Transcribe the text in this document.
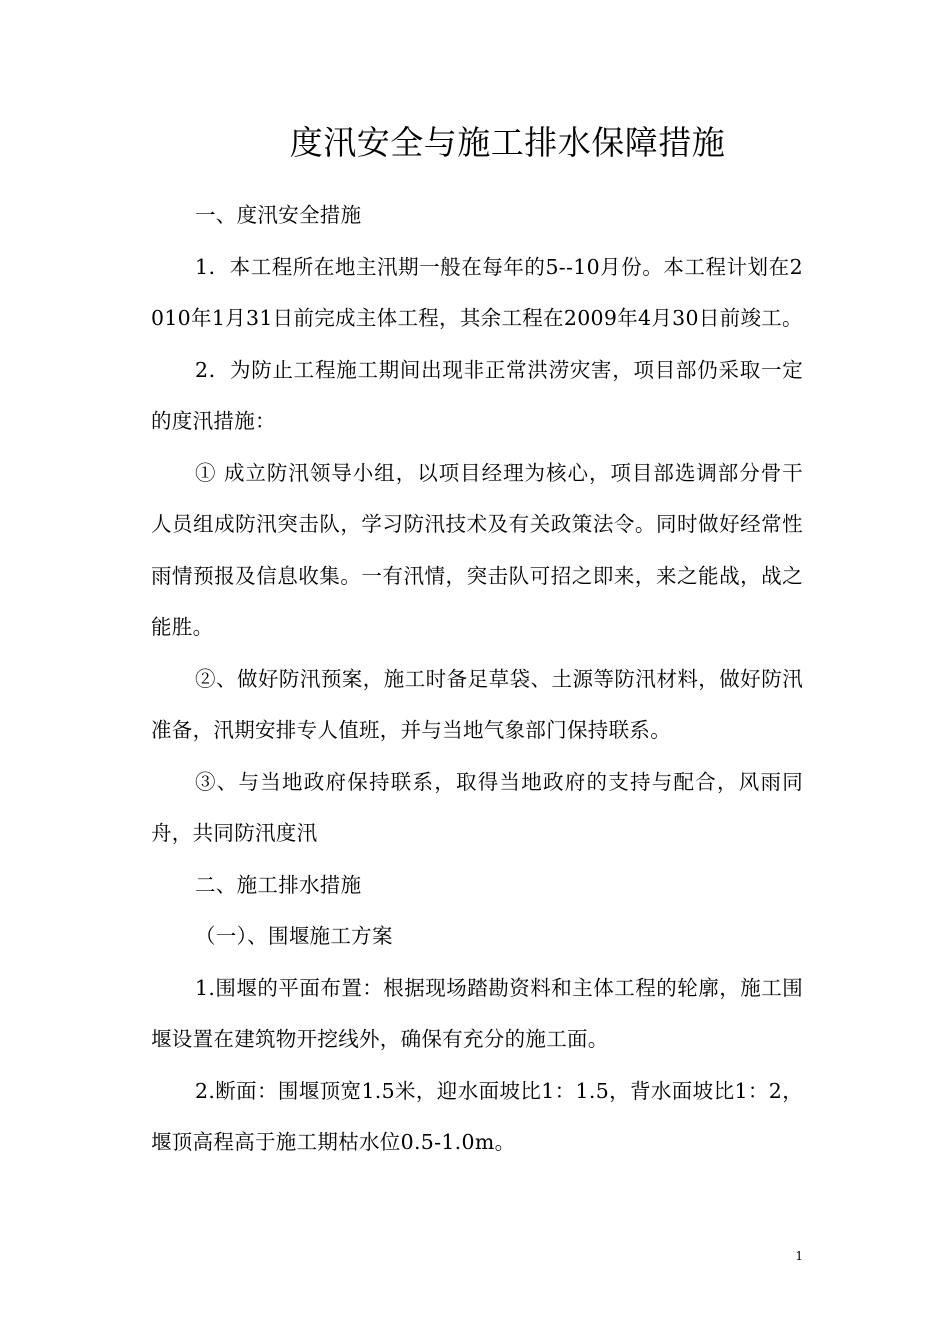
度汛安全与施工排水保障措施

一、度汛安全措施

1．本工程所在地主汛期一般在每年的5--10月份。本工程计划在2010年1月31日前完成主体工程，其余工程在2009年4月30日前竣工。

2．为防止工程施工期间出现非正常洪涝灾害，项目部仍采取一定的度汛措施：

① 成立防汛领导小组，以项目经理为核心，项目部选调部分骨干人员组成防汛突击队，学习防汛技术及有关政策法令。同时做好经常性雨情预报及信息收集。一有汛情，突击队可招之即来，来之能战，战之能胜。

②、做好防汛预案，施工时备足草袋、土源等防汛材料，做好防汛准备，汛期安排专人值班，并与当地气象部门保持联系。

③、与当地政府保持联系，取得当地政府的支持与配合，风雨同舟，共同防汛度汛

二、施工排水措施

（一）、围堰施工方案

1.围堰的平面布置：根据现场踏勘资料和主体工程的轮廓，施工围堰设置在建筑物开挖线外，确保有充分的施工面。

2.断面：围堰顶宽1.5米，迎水面坡比1：1.5，背水面坡比1：2，堰顶高程高于施工期枯水位0.5-1.0m。

1
